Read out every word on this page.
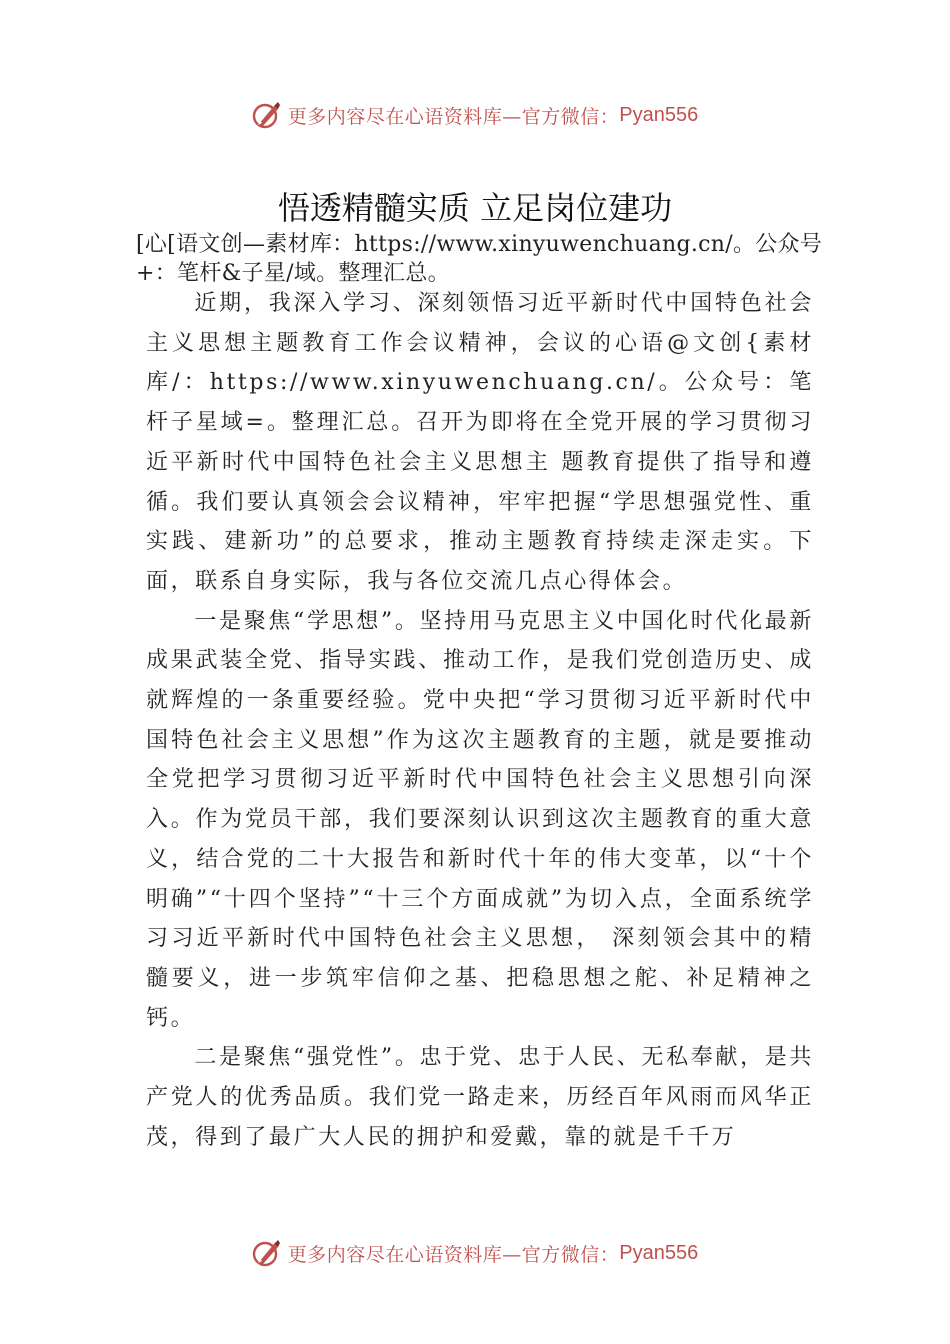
更多内容尽在心语资料库—官方微信： Pyan556
悟透精髓实质 立足岗位建功
[心[语文创—素材库：https://www.xinyuwenchuang.cn/。公众号+：笔杆&子星/域。整理汇总。

近期，我深入学习、深刻领悟习近平新时代中国特色社会主义思想主题教育工作会议精神，会议的心语@文创{素材库/：https://www.xinyuwenchuang.cn/。公众号：笔杆子星域=。整理汇总。召开为即将在全党开展的学习贯彻习近平新时代中国特色社会主义思想主 题教育提供了指导和遵循。我们要认真领会会议精神，牢牢把握“学思想强党性、重实践、建新功”的总要求，推动主题教育持续走深走实。下面，联系自身实际，我与各位交流几点心得体会。

一是聚焦“学思想”。坚持用马克思主义中国化时代化最新成果武装全党、指导实践、推动工作，是我们党创造历史、成就辉煌的一条重要经验。党中央把“学习贯彻习近平新时代中国特色社会主义思想”作为这次主题教育的主题，就是要推动全党把学习贯彻习近平新时代中国特色社会主义思想引向深入。作为党员干部，我们要深刻认识到这次主题教育的重大意义，结合党的二十大报告和新时代十年的伟大变革，以“十个明确”“十四个坚持”“十三个方面成就”为切入点，全面系统学习习近平新时代中国特色社会主义思想， 深刻领会其中的精髓要义，进一步筑牢信仰之基、把稳思想之舵、补足精神之钙。

二是聚焦“强党性”。忠于党、忠于人民、无私奉献，是共产党人的优秀品质。我们党一路走来，历经百年风雨而风华正茂，得到了最广大人民的拥护和爱戴，靠的就是千千万

更多内容尽在心语资料库—官方微信： Pyan556
